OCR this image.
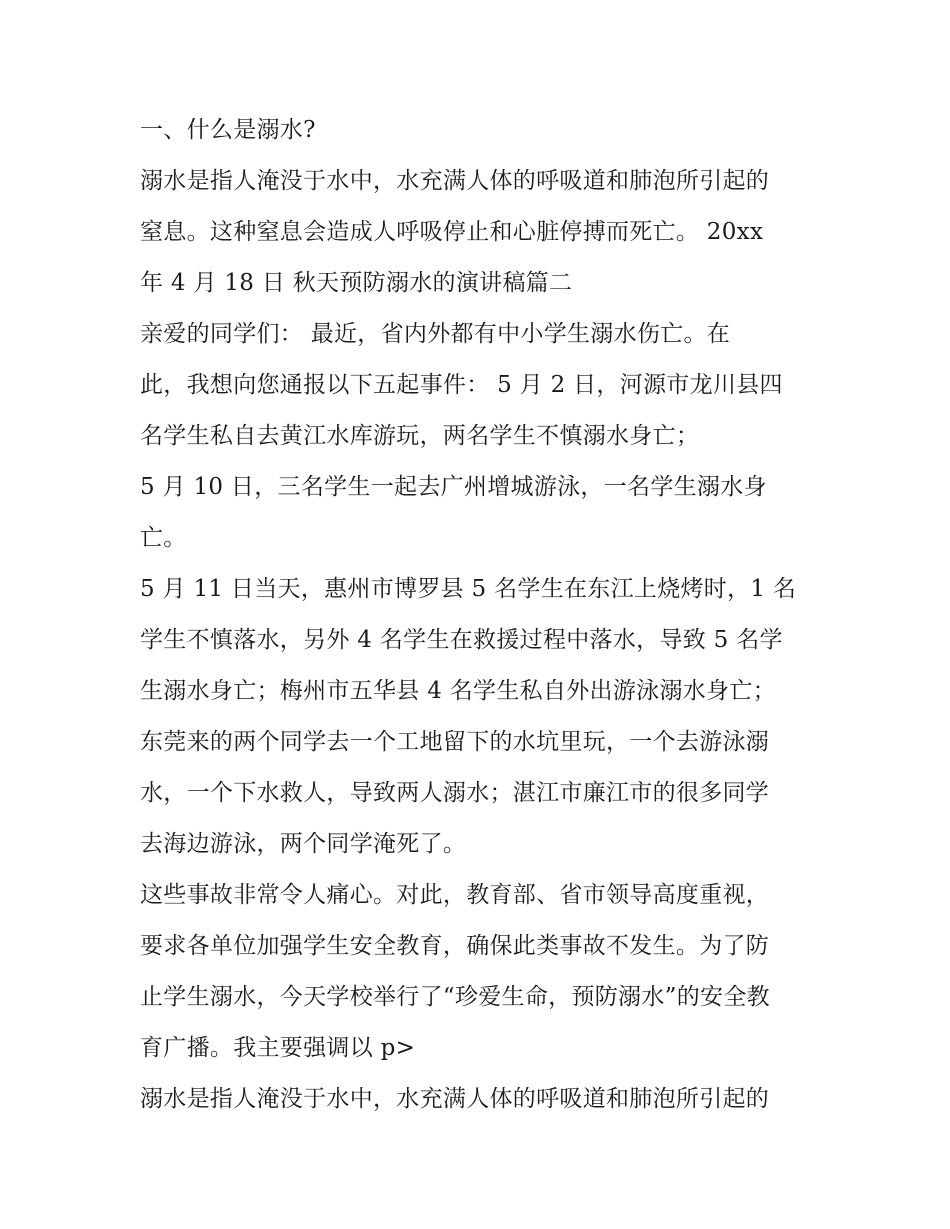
一、什么是溺水?
溺水是指人淹没于水中，水充满人体的呼吸道和肺泡所引起的
窒息。这种窒息会造成人呼吸停止和心脏停搏而死亡。 20xx
年 4 月 18 日 秋天预防溺水的演讲稿篇二
亲爱的同学们： 最近，省内外都有中小学生溺水伤亡。在
此，我想向您通报以下五起事件： 5 月 2 日，河源市龙川县四
名学生私自去黄江水库游玩，两名学生不慎溺水身亡；
5 月 10 日，三名学生一起去广州增城游泳，一名学生溺水身
亡。
5 月 11 日当天，惠州市博罗县 5 名学生在东江上烧烤时，1 名
学生不慎落水，另外 4 名学生在救援过程中落水，导致 5 名学
生溺水身亡；梅州市五华县 4 名学生私自外出游泳溺水身亡；
东莞来的两个同学去一个工地留下的水坑里玩，一个去游泳溺
水，一个下水救人，导致两人溺水；湛江市廉江市的很多同学
去海边游泳，两个同学淹死了。
这些事故非常令人痛心。对此，教育部、省市领导高度重视，
要求各单位加强学生安全教育，确保此类事故不发生。为了防
止学生溺水，今天学校举行了“珍爱生命，预防溺水”的安全教
育广播。我主要强调以 p>
溺水是指人淹没于水中，水充满人体的呼吸道和肺泡所引起的
